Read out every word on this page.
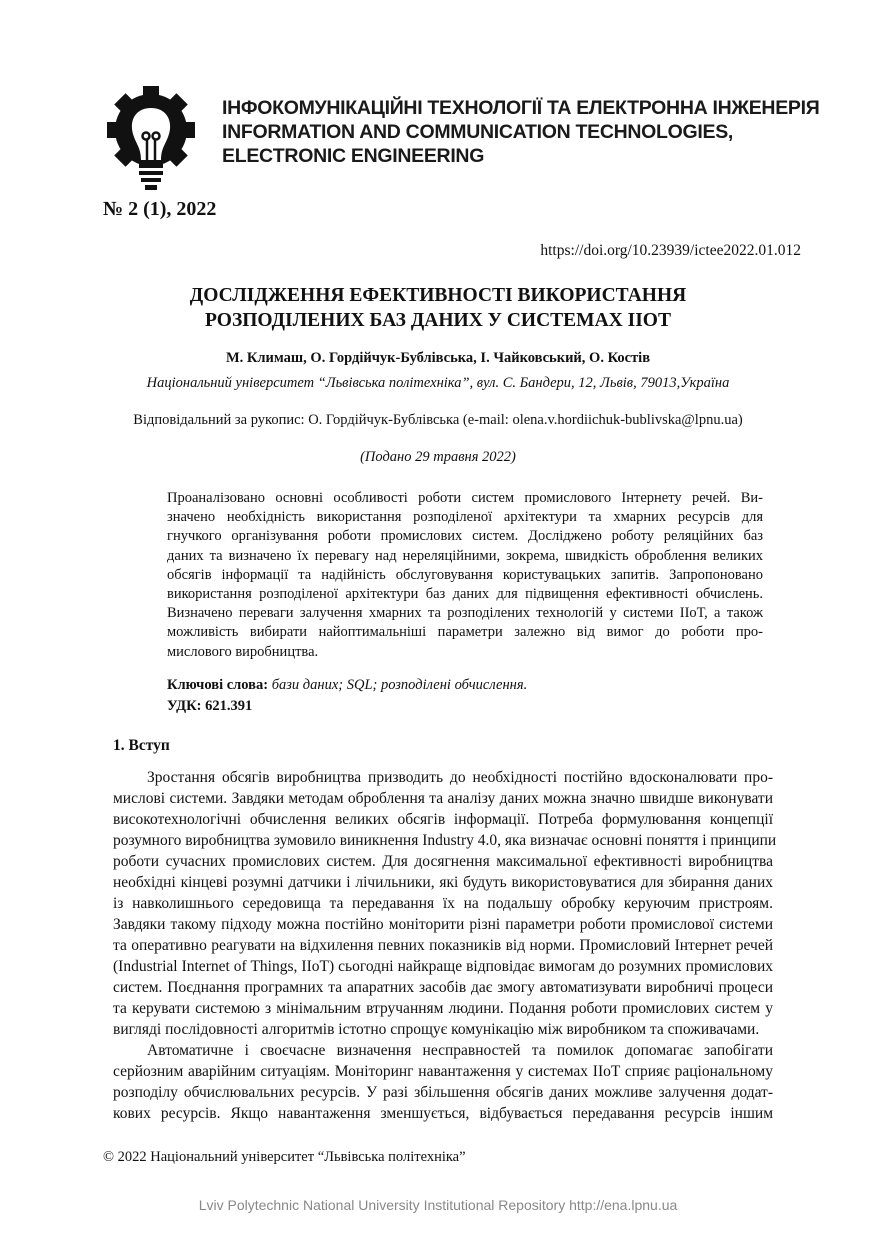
ІНФОКОМУНІКАЦІЙНІ ТЕХНОЛОГІЇ ТА ЕЛЕКТРОННА ІНЖЕНЕРІЯ
INFORMATION AND COMMUNICATION TECHNOLOGIES,
ELECTRONIC ENGINEERING
№ 2 (1), 2022
https://doi.org/10.23939/ictee2022.01.012
ДОСЛІДЖЕННЯ ЕФЕКТИВНОСТІ ВИКОРИСТАННЯ
РОЗПОДІЛЕНИХ БАЗ ДАНИХ У СИСТЕМАХ ІІОТ
М. Климаш, О. Гордійчук-Бублівська, І. Чайковський, О. Костів
Національний університет “Львівська політехніка”, вул. С. Бандери, 12, Львів, 79013,Україна
Відповідальний за рукопис: О. Гордійчук-Бублівська (e-mail: olena.v.hordiichuk-bublivska@lpnu.ua)
(Подано 29 травня 2022)
Проаналізовано основні особливості роботи систем промислового Інтернету речей. Ви-
значено необхідність використання розподіленої архітектури та хмарних ресурсів для
гнучкого організування роботи промислових систем. Досліджено роботу реляційних баз
даних та визначено їх перевагу над нереляційними, зокрема, швидкість оброблення великих
обсягів інформації та надійність обслуговування користувацьких запитів. Запропоновано
використання розподіленої архітектури баз даних для підвищення ефективності обчислень.
Визначено переваги залучення хмарних та розподілених технологій у системи ІІоТ, а також
можливість вибирати найоптимальніші параметри залежно від вимог до роботи про-
мислового виробництва.
Ключові слова: бази даних; SQL; розподілені обчислення.
УДК: 621.391
1. Вступ
Зростання обсягів виробництва призводить до необхідності постійно вдосконалювати про-
мислові системи. Завдяки методам оброблення та аналізу даних можна значно швидше виконувати
високотехнологічні обчислення великих обсягів інформації. Потреба формулювання концепції
розумного виробництва зумовило виникнення Industry 4.0, яка визначає основні поняття і принципи
роботи сучасних промислових систем. Для досягнення максимальної ефективності виробництва
необхідні кінцеві розумні датчики і лічильники, які будуть використовуватися для збирання даних
із навколишнього середовища та передавання їх на подальшу обробку керуючим пристроям.
Завдяки такому підходу можна постійно моніторити різні параметри роботи промислової системи
та оперативно реагувати на відхилення певних показників від норми. Промисловий Інтернет речей
(Industrial Internet of Things, IIoT) сьогодні найкраще відповідає вимогам до розумних промислових
систем. Поєднання програмних та апаратних засобів дає змогу автоматизувати виробничі процеси
та керувати системою з мінімальним втручанням людини. Подання роботи промислових систем у
вигляді послідовності алгоритмів істотно спрощує комунікацію між виробником та споживачами.
Автоматичне і своєчасне визначення несправностей та помилок допомагає запобігати
серйозним аварійним ситуаціям. Моніторинг навантаження у системах IIoT сприяє раціональному
розподілу обчислювальних ресурсів. У разі збільшення обсягів даних можливе залучення додат-
кових ресурсів. Якщо навантаження зменшується, відбувається передавання ресурсів іншим
© 2022 Національний університет “Львівська політехніка”
Lviv Polytechnic National University Institutional Repository http://ena.lpnu.ua
